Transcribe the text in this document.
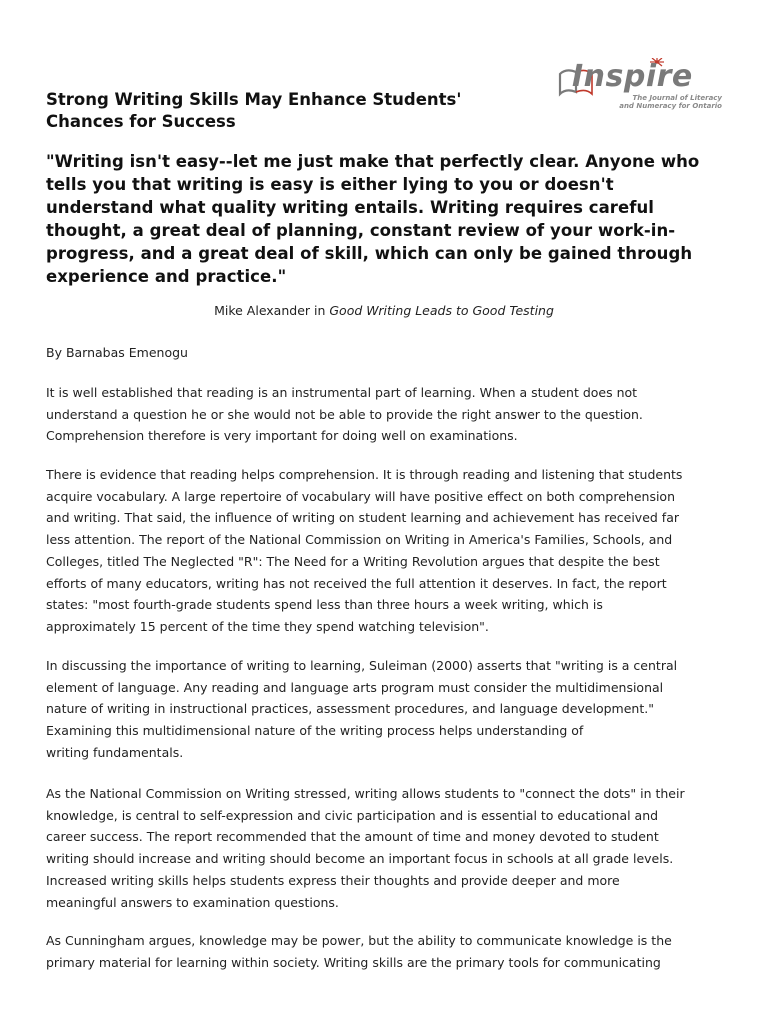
Inspire
The Journal of Literacy
and Numeracy for Ontario
Strong Writing Skills May Enhance Students'
Chances for Success
"Writing isn't easy--let me just make that perfectly clear. Anyone who
tells you that writing is easy is either lying to you or doesn't
understand what quality writing entails. Writing requires careful
thought, a great deal of planning, constant review of your work-in-
progress, and a great deal of skill, which can only be gained through
experience and practice."
Mike Alexander in Good Writing Leads to Good Testing
By Barnabas Emenogu

It is well established that reading is an instrumental part of learning. When a student does not
understand a question he or she would not be able to provide the right answer to the question.
Comprehension therefore is very important for doing well on examinations.

There is evidence that reading helps comprehension. It is through reading and listening that students
acquire vocabulary. A large repertoire of vocabulary will have positive effect on both comprehension
and writing. That said, the influence of writing on student learning and achievement has received far
less attention. The report of the National Commission on Writing in America's Families, Schools, and
Colleges, titled The Neglected "R": The Need for a Writing Revolution argues that despite the best
efforts of many educators, writing has not received the full attention it deserves. In fact, the report
states: "most fourth-grade students spend less than three hours a week writing, which is
approximately 15 percent of the time they spend watching television".

In discussing the importance of writing to learning, Suleiman (2000) asserts that "writing is a central
element of language. Any reading and language arts program must consider the multidimensional
nature of writing in instructional practices, assessment procedures, and language development."
Examining this multidimensional nature of the writing process helps understanding of
writing fundamentals.

As the National Commission on Writing stressed, writing allows students to "connect the dots" in their
knowledge, is central to self-expression and civic participation and is essential to educational and
career success. The report recommended that the amount of time and money devoted to student
writing should increase and writing should become an important focus in schools at all grade levels.
Increased writing skills helps students express their thoughts and provide deeper and more
meaningful answers to examination questions.

As Cunningham argues, knowledge may be power, but the ability to communicate knowledge is the
primary material for learning within society. Writing skills are the primary tools for communicating
